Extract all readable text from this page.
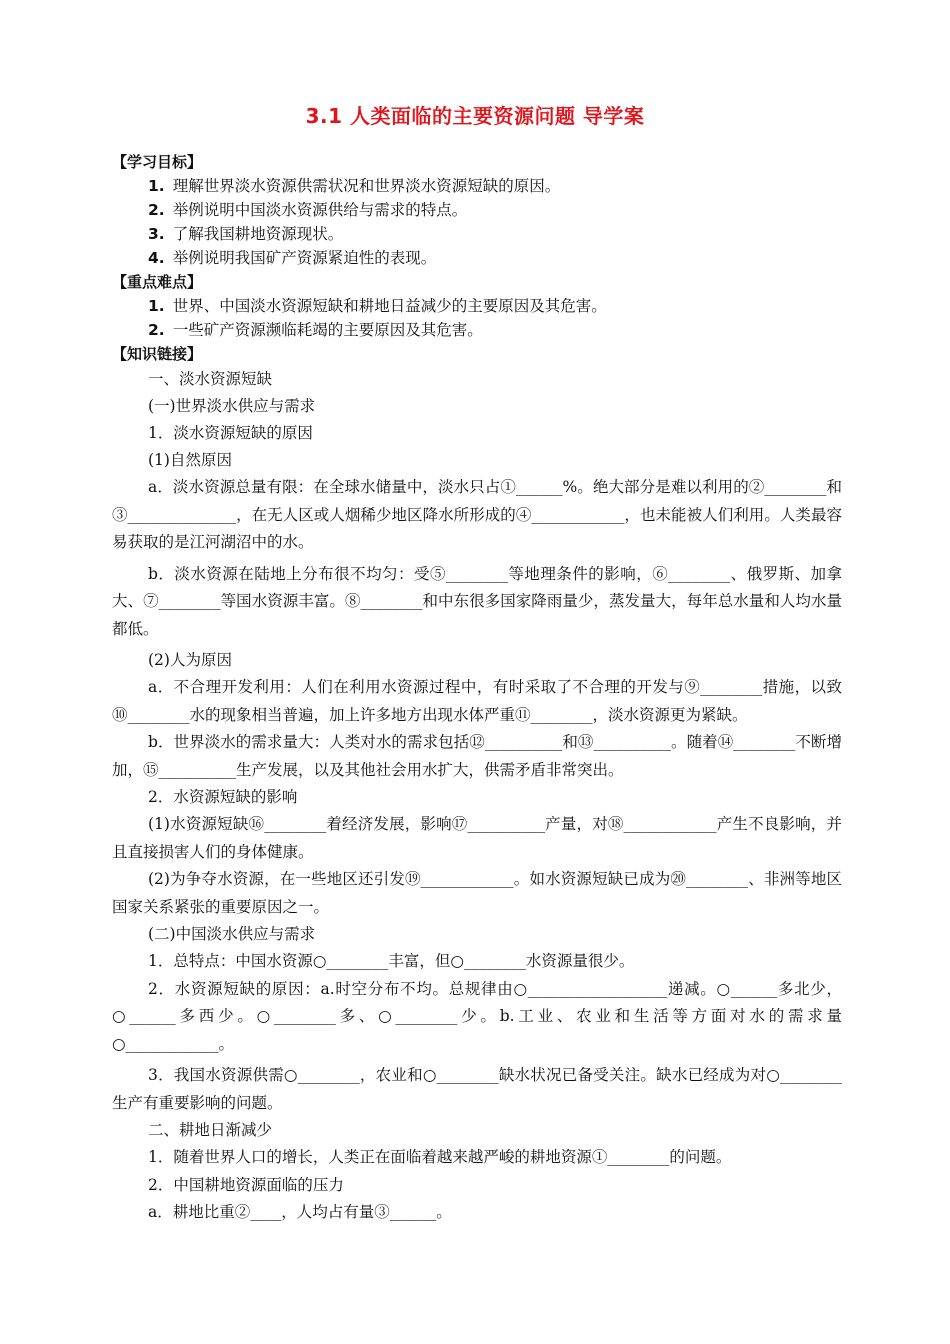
3.1 人类面临的主要资源问题 导学案
【学习目标】
1. 理解世界淡水资源供需状况和世界淡水资源短缺的原因。
2. 举例说明中国淡水资源供给与需求的特点。
3. 了解我国耕地资源现状。
4. 举例说明我国矿产资源紧迫性的表现。
【重点难点】
1. 世界、中国淡水资源短缺和耕地日益减少的主要原因及其危害。
2. 一些矿产资源濒临耗竭的主要原因及其危害。
【知识链接】
一、淡水资源短缺
(一)世界淡水供应与需求
1．淡水资源短缺的原因
(1)自然原因
a．淡水资源总量有限：在全球水储量中，淡水只占①______%。绝大部分是难以利用的②________和③______________，在无人区或人烟稀少地区降水所形成的④____________，也未能被人们利用。人类最容易获取的是江河湖沼中的水。
b．淡水资源在陆地上分布很不均匀：受⑤________等地理条件的影响，⑥________、俄罗斯、加拿大、⑦________等国水资源丰富。⑧________和中东很多国家降雨量少，蒸发量大，每年总水量和人均水量都低。
(2)人为原因
a．不合理开发利用：人们在利用水资源过程中，有时采取了不合理的开发与⑨________措施，以致⑩________水的现象相当普遍，加上许多地方出现水体严重⑪________，淡水资源更为紧缺。
b．世界淡水的需求量大：人类对水的需求包括⑫__________和⑬__________。随着⑭________不断增加，⑮__________生产发展，以及其他社会用水扩大，供需矛盾非常突出。
2．水资源短缺的影响
(1)水资源短缺⑯________着经济发展，影响⑰__________产量，对⑱____________产生不良影响，并且直接损害人们的身体健康。
(2)为争夺水资源，在一些地区还引发⑲____________。如水资源短缺已成为⑳________、非洲等地区国家关系紧张的重要原因之一。
(二)中国淡水供应与需求
1．总特点：中国水资源○________丰富，但○________水资源量很少。
2．水资源短缺的原因：a.时空分布不均。总规律由○__________________递减。○______多北少，○______多西少。○________多、○________少。b.工业、农业和生活等方面对水的需求量○____________。
3．我国水资源供需○________，农业和○________缺水状况已备受关注。缺水已经成为对○________生产有重要影响的问题。
二、耕地日渐减少
1．随着世界人口的增长，人类正在面临着越来越严峻的耕地资源①________的问题。
2．中国耕地资源面临的压力
a．耕地比重②____，人均占有量③______。
